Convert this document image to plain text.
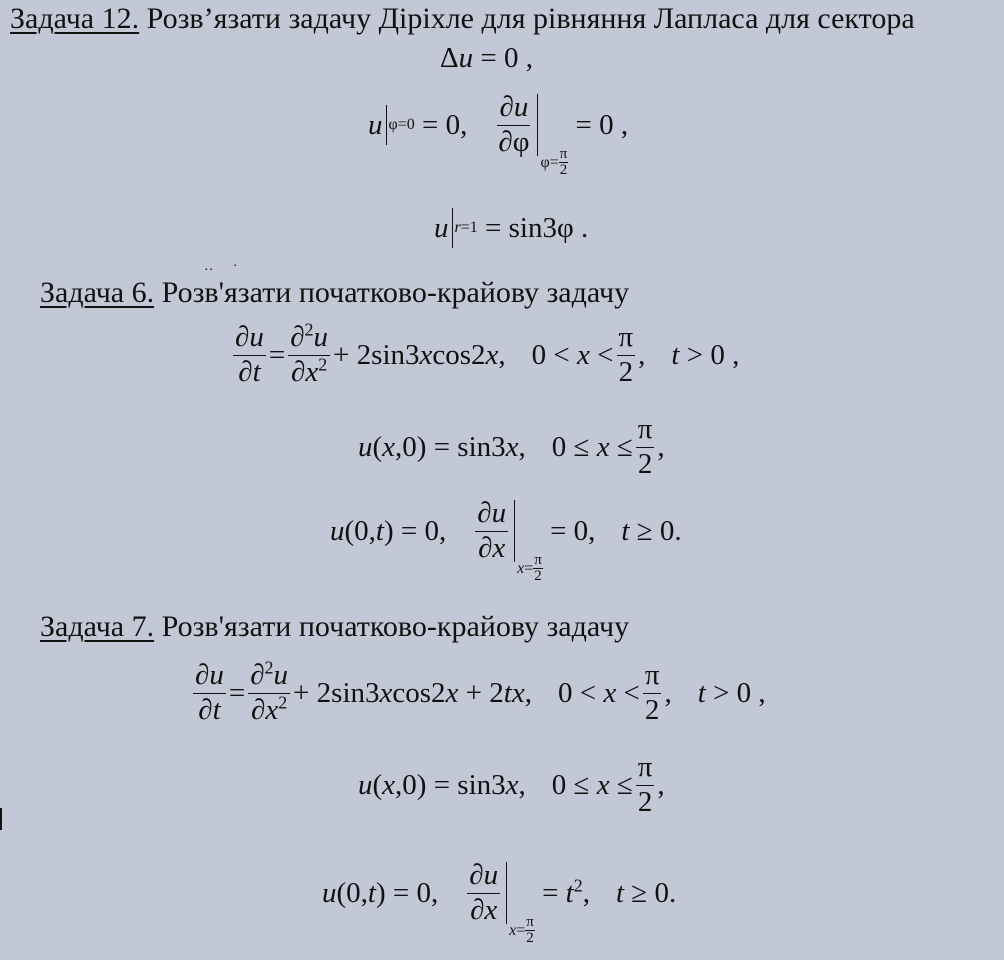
Задача 12. Розв’язати задачу Діріхле для рівняння Лапласа для сектора
Δu = 0 ,
u φ=0 = 0, $\frac{\partial u}{\partial\varphi}$
φ= π
2
= 0 ,
u r=1 = sin3φ .
‥ ·
Задача 6. Розв'язати початково-крайову задачу
$\frac{\partial u}{\partial t} = \frac{\partial^2u}{\partial x^2} + 2\sin 3xcos2x$, $0 < x < \frac{\pi}{2}$ , t > 0 ,
u(x,0) = sin3x, $0 \le x \le \frac{\pi}{2}$ ,
u(0,t) = 0, $\frac{\partial u}{\partial x}$
x = π
2
= 0, t ≥ 0.
Задача 7. Розв'язати початково-крайову задачу
$\frac{\partial u}{\partial t} = \frac{\partial^2u}{\partial x^2} + 2\sin 3xcos2x + 2tx$, $0 < x < \frac{\pi}{2}$ , t > 0 ,
u(x,0) = sin3x, $0 \le x \le \frac{\pi}{2}$ ,
u(0,t) = 0, $\frac{\partial u}{\partial x}$
x = π
2
= $t^2$, t ≥ 0.
